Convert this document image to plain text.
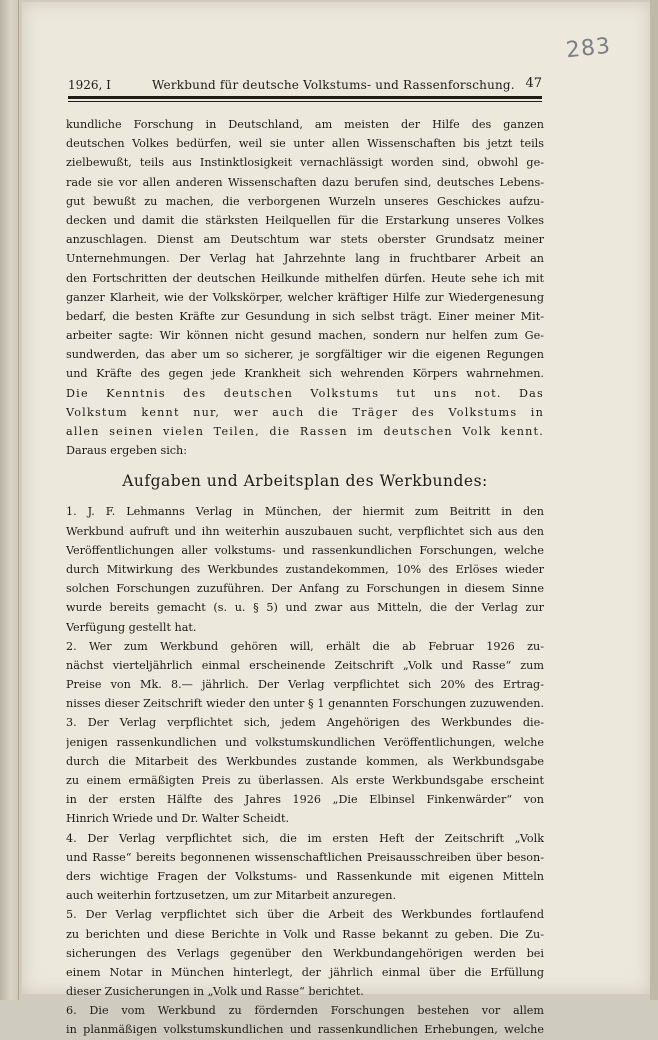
283
1926, I	Werkbund für deutsche Volkstums- und Rassenforschung. 47
kundliche Forschung in Deutschland, am meisten der Hilfe des ganzen
deutschen Volkes bedürfen, weil sie unter allen Wissenschaften bis jetzt teils
zielbewußt, teils aus Instinktlosigkeit vernachlässigt worden sind, obwohl ge-
rade sie vor allen anderen Wissenschaften dazu berufen sind, deutsches Lebens-
gut bewußt zu machen, die verborgenen Wurzeln unseres Geschickes aufzu-
decken und damit die stärksten Heilquellen für die Erstarkung unseres Volkes
anzuschlagen. Dienst am Deutschtum war stets oberster Grundsatz meiner
Unternehmungen. Der Verlag hat Jahrzehnte lang in fruchtbarer Arbeit an
den Fortschritten der deutschen Heilkunde mithelfen dürfen. Heute sehe ich mit
ganzer Klarheit, wie der Volkskörper, welcher kräftiger Hilfe zur Wiedergenesung
bedarf, die besten Kräfte zur Gesundung in sich selbst trägt. Einer meiner Mit-
arbeiter sagte: Wir können nicht gesund machen, sondern nur helfen zum Ge-
sundwerden, das aber um so sicherer, je sorgfältiger wir die eigenen Regungen
und Kräfte des gegen jede Krankheit sich wehrenden Körpers wahrnehmen.
Die Kenntnis des deutschen Volkstums tut uns not. Das
Volkstum kennt nur, wer auch die Träger des Volkstums in
allen seinen vielen Teilen, die Rassen im deutschen Volk kennt.
Daraus ergeben sich:
Aufgaben und Arbeitsplan des Werkbundes:
1. J. F. Lehmanns Verlag in München, der hiermit zum Beitritt in den
Werkbund aufruft und ihn weiterhin auszubauen sucht, verpflichtet sich aus den
Veröffentlichungen aller volkstums- und rassenkundlichen Forschungen, welche
durch Mitwirkung des Werkbundes zustandekommen, 10% des Erlöses wieder
solchen Forschungen zuzuführen. Der Anfang zu Forschungen in diesem Sinne
wurde bereits gemacht (s. u. § 5) und zwar aus Mitteln, die der Verlag zur
Verfügung gestellt hat.
2. Wer zum Werkbund gehören will, erhält die ab Februar 1926 zu-
nächst vierteljährlich einmal erscheinende Zeitschrift „Volk und Rasse“ zum
Preise von Mk. 8.— jährlich. Der Verlag verpflichtet sich 20% des Ertrag-
nisses dieser Zeitschrift wieder den unter § 1 genannten Forschungen zuzuwenden.
3. Der Verlag verpflichtet sich, jedem Angehörigen des Werkbundes die-
jenigen rassenkundlichen und volkstumskundlichen Veröffentlichungen, welche
durch die Mitarbeit des Werkbundes zustande kommen, als Werkbundsgabe
zu einem ermäßigten Preis zu überlassen. Als erste Werkbundsgabe erscheint
in der ersten Hälfte des Jahres 1926 „Die Elbinsel Finkenwärder“ von
Hinrich Wriede und Dr. Walter Scheidt.
4. Der Verlag verpflichtet sich, die im ersten Heft der Zeitschrift „Volk
und Rasse“ bereits begonnenen wissenschaftlichen Preisausschreiben über beson-
ders wichtige Fragen der Volkstums- und Rassenkunde mit eigenen Mitteln
auch weiterhin fortzusetzen, um zur Mitarbeit anzuregen.
5. Der Verlag verpflichtet sich über die Arbeit des Werkbundes fortlaufend
zu berichten und diese Berichte in Volk und Rasse bekannt zu geben. Die Zu-
sicherungen des Verlags gegenüber den Werkbundangehörigen werden bei
einem Notar in München hinterlegt, der jährlich einmal über die Erfüllung
dieser Zusicherungen in „Volk und Rasse“ berichtet.
6. Die vom Werkbund zu fördernden Forschungen bestehen vor allem
in planmäßigen volkstumskundlichen und rassenkundlichen Erhebungen, welche
